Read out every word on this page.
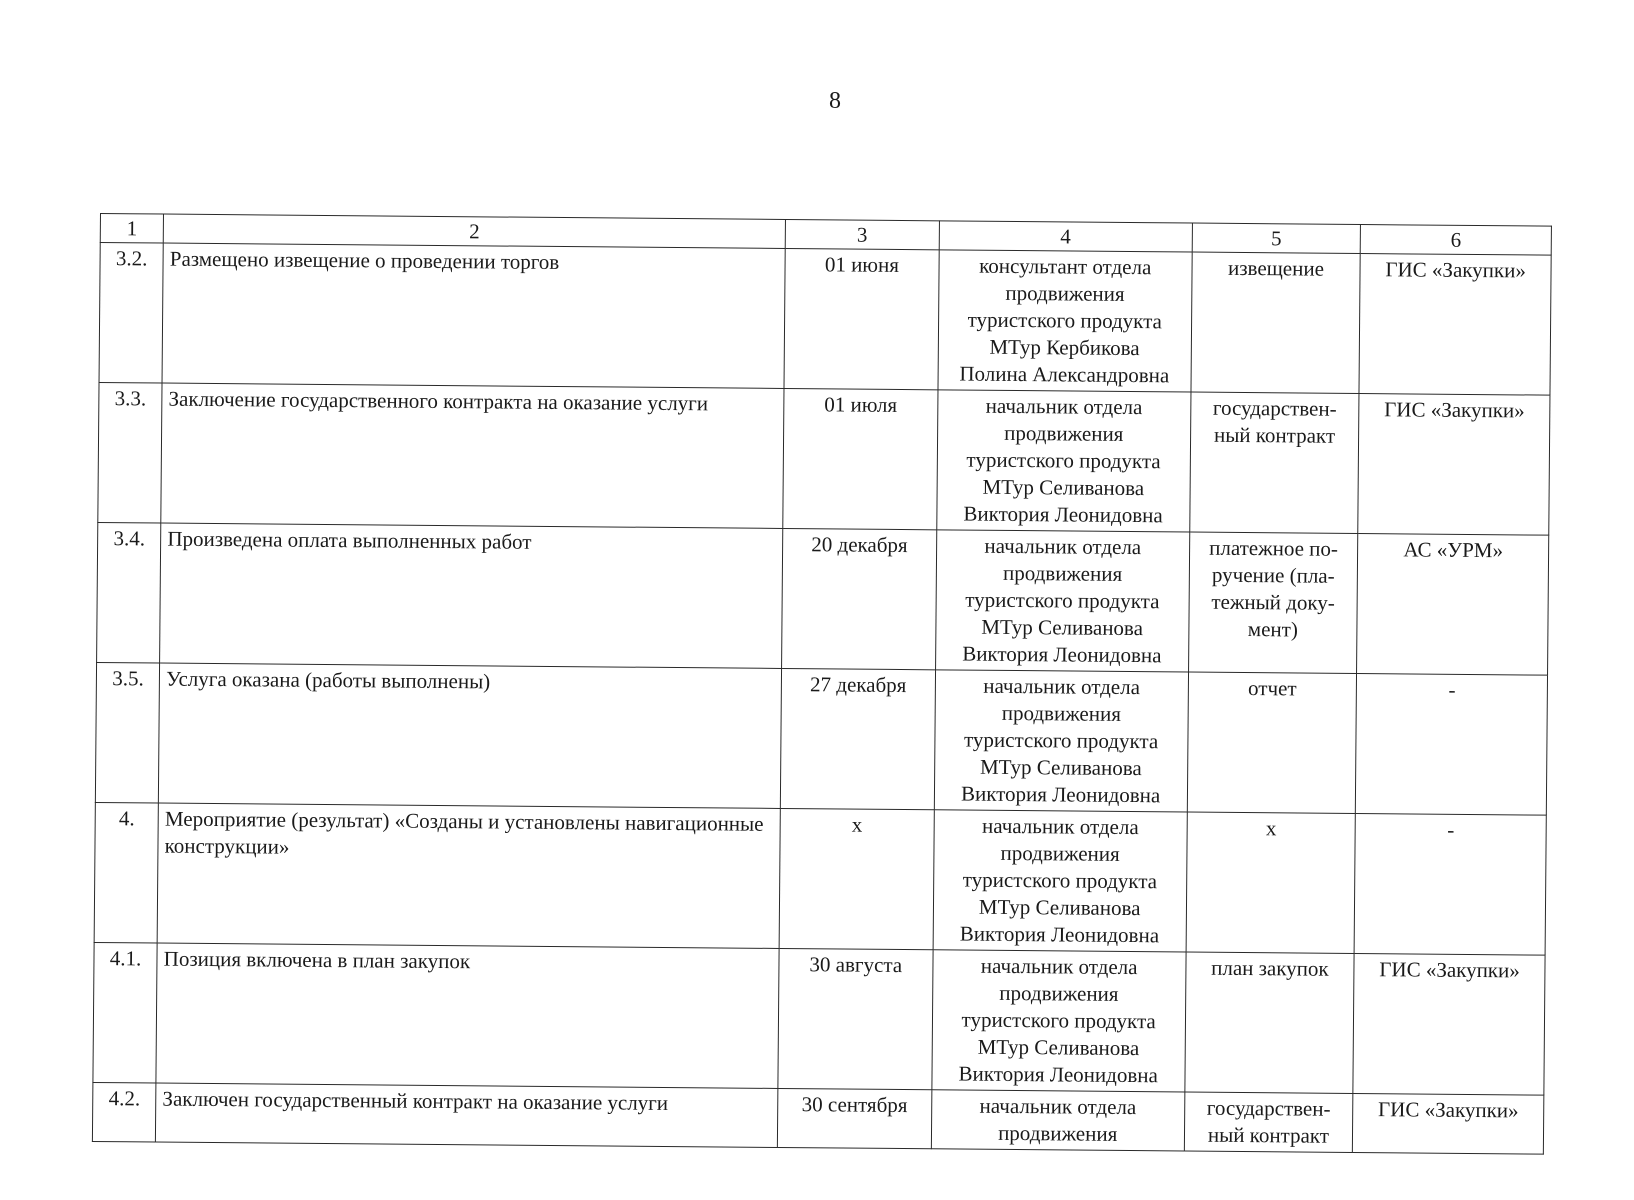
8
1	2	3	4	5	6
3.2.	Размещено извещение о проведении торгов	01 июня	консультант отдела
продвижения
туристского продукта
МТур Кербикова
Полина Александровна	извещение	ГИС «Закупки»
3.3.	Заключение государственного контракта на оказание услуги	01 июля	начальник отдела
продвижения
туристского продукта
МТур Селиванова
Виктория Леонидовна	государствен-ный контракт	ГИС «Закупки»
3.4.	Произведена оплата выполненных работ	20 декабря	начальник отдела
продвижения
туристского продукта
МТур Селиванова
Виктория Леонидовна	платежное по-ручение (пла-тежный доку-мент)	АС «УРМ»
3.5.	Услуга оказана (работы выполнены)	27 декабря	начальник отдела
продвижения
туристского продукта
МТур Селиванова
Виктория Леонидовна	отчет	-
4.	Мероприятие (результат) «Созданы и установлены навигационные конструкции»	x	начальник отдела
продвижения
туристского продукта
МТур Селиванова
Виктория Леонидовна	x	-
4.1.	Позиция включена в план закупок	30 августа	начальник отдела
продвижения
туристского продукта
МТур Селиванова
Виктория Леонидовна	план закупок	ГИС «Закупки»
4.2.	Заключен государственный контракт на оказание услуги	30 сентября	начальник отдела
продвижения	государствен-ный контракт	ГИС «Закупки»
